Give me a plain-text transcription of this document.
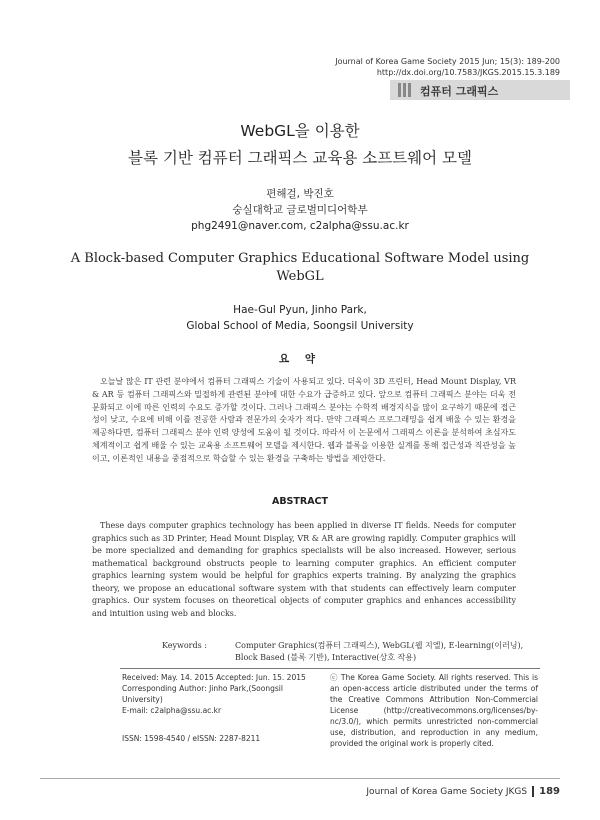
Journal of Korea Game Society 2015 Jun; 15(3): 189-200
http://dx.doi.org/10.7583/JKGS.2015.15.3.189
컴퓨터 그래픽스
WebGL을 이용한
블록 기반 컴퓨터 그래픽스 교육용 소프트웨어 모델
편해걸, 박진호
숭실대학교 글로벌미디어학부
phg2491@naver.com, c2alpha@ssu.ac.kr
A Block-based Computer Graphics Educational Software Model using WebGL
Hae-Gul Pyun, Jinho Park,
Global School of Media, Soongsil University
요 약
오늘날 많은 IT 관련 분야에서 컴퓨터 그래픽스 기술이 사용되고 있다. 더욱이 3D 프린터, Head Mount Display, VR & AR 등 컴퓨터 그래픽스와 밀접하게 관련된 분야에 대한 수요가 급증하고 있다. 앞으로 컴퓨터 그래픽스 분야는 더욱 전문화되고 이에 따른 인력의 수요도 증가할 것이다. 그러나 그래픽스 분야는 수학적 배경지식을 많이 요구하기 때문에 접근성이 낮고, 수요에 비해 이를 전공한 사람과 전문가의 숫자가 적다. 만약 그래픽스 프로그래밍을 쉽게 배울 수 있는 환경을 제공하다면, 컴퓨터 그래픽스 분야 인력 양성에 도움이 될 것이다. 따라서 이 논문에서 그래픽스 이론을 분석하여 초심자도 체계적이고 쉽게 배울 수 있는 교육용 소프트웨어 모델을 제시한다. 웹과 블록을 이용한 실계를 통해 접근성과 직관성을 높이고, 이론적인 내용을 중점적으로 학습할 수 있는 환경을 구축하는 방법을 제안한다.
ABSTRACT
These days computer graphics technology has been applied in diverse IT fields. Needs for computer graphics such as 3D Printer, Head Mount Display, VR & AR are growing rapidly. Computer graphics will be more specialized and demanding for graphics specialists will be also increased. However, serious mathematical background obstructs people to learning computer graphics. An efficient computer graphics learning system would be helpful for graphics experts training. By analyzing the graphics theory, we propose an educational software system with that students can effectively learn computer graphics. Our system focuses on theoretical objects of computer graphics and enhances accessibility and intuition using web and blocks.
Keywords :	Computer Graphics(컴퓨터 그래픽스), WebGL(웹 지엘), E-learning(이러닝),
Block Based (블록 기반), Interactive(상호 작용)
Received: May. 14. 2015 Accepted: Jun. 15. 2015
Corresponding Author: Jinho Park,(Soongsil University)
E-mail: c2alpha@ssu.ac.kr
ISSN: 1598-4540 / eISSN: 2287-8211
ⓒ The Korea Game Society. All rights reserved. This is an open-access article distributed under the terms of the Creative Commons Attribution Non-Commercial License (http://creativecommons.org/licenses/by-nc/3.0/), which permits unrestricted non-commercial use, distribution, and reproduction in any medium, provided the original work is properly cited.
Journal of Korea Game Society JKGS 189
